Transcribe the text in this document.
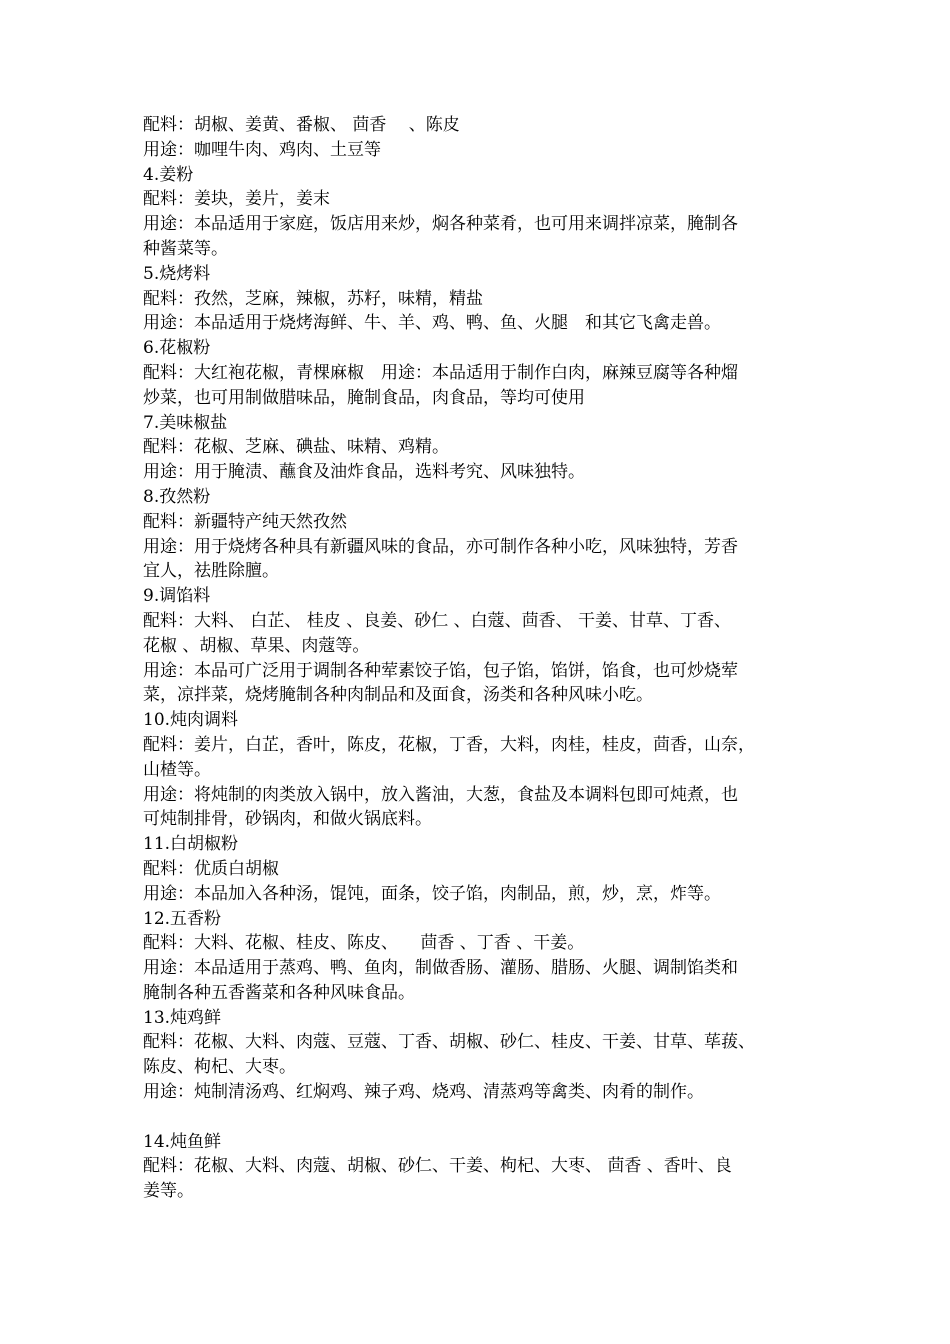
配料：胡椒、姜黄、番椒、 茴香 　、陈皮

用途：咖哩牛肉、鸡肉、土豆等

4.姜粉

配料：姜块，姜片，姜末

用途：本品适用于家庭，饭店用来炒，焖各种菜肴，也可用来调拌凉菜，腌制各

种酱菜等。

5.烧烤料

配料：孜然，芝麻，辣椒，苏籽，味精，精盐

用途：本品适用于烧烤海鲜、牛、羊、鸡、鸭、鱼、火腿　和其它飞禽走兽。

6.花椒粉

配料：大红袍花椒，青棵麻椒　用途：本品适用于制作白肉，麻辣豆腐等各种熘

炒菜，也可用制做腊味品，腌制食品，肉食品，等均可使用

7.美味椒盐

配料：花椒、芝麻、碘盐、味精、鸡精。

用途：用于腌渍、蘸食及油炸食品，选料考究、风味独特。

8.孜然粉

配料：新疆特产纯天然孜然

用途：用于烧烤各种具有新疆风味的食品，亦可制作各种小吃，风味独特，芳香

宜人，祛胜除膻。

9.调馅料

配料：大料、 白芷、 桂皮 、良姜、砂仁 、白蔻、茴香、 干姜、甘草、丁香、

花椒 、胡椒、草果、肉蔻等。

用途：本品可广泛用于调制各种荤素饺子馅，包子馅，馅饼，馅食，也可炒烧荤

菜，凉拌菜，烧烤腌制各种肉制品和及面食，汤类和各种风味小吃。

10.炖肉调料

配料：姜片，白芷，香叶，陈皮，花椒，丁香，大料，肉桂，桂皮，茴香，山奈，

山楂等。

用途：将炖制的肉类放入锅中，放入酱油，大葱，食盐及本调料包即可炖煮，也

可炖制排骨，砂锅肉，和做火锅底料。

11.白胡椒粉

配料：优质白胡椒

用途：本品加入各种汤，馄饨，面条，饺子馅，肉制品，煎，炒，烹，炸等。

12.五香粉

配料：大料、花椒、桂皮、陈皮、 　茴香 、丁香 、干姜。

用途：本品适用于蒸鸡、鸭、鱼肉，制做香肠、灌肠、腊肠、火腿、调制馅类和

腌制各种五香酱菜和各种风味食品。

13.炖鸡鲜

配料：花椒、大料、肉蔻、豆蔻、丁香、胡椒、砂仁、桂皮、干姜、甘草、荜菝、

陈皮、枸杞、大枣。

用途：炖制清汤鸡、红焖鸡、辣子鸡、烧鸡、清蒸鸡等禽类、肉肴的制作。

14.炖鱼鲜

配料：花椒、大料、肉蔻、胡椒、砂仁、干姜、枸杞、大枣、 茴香 、香叶、良

姜等。
